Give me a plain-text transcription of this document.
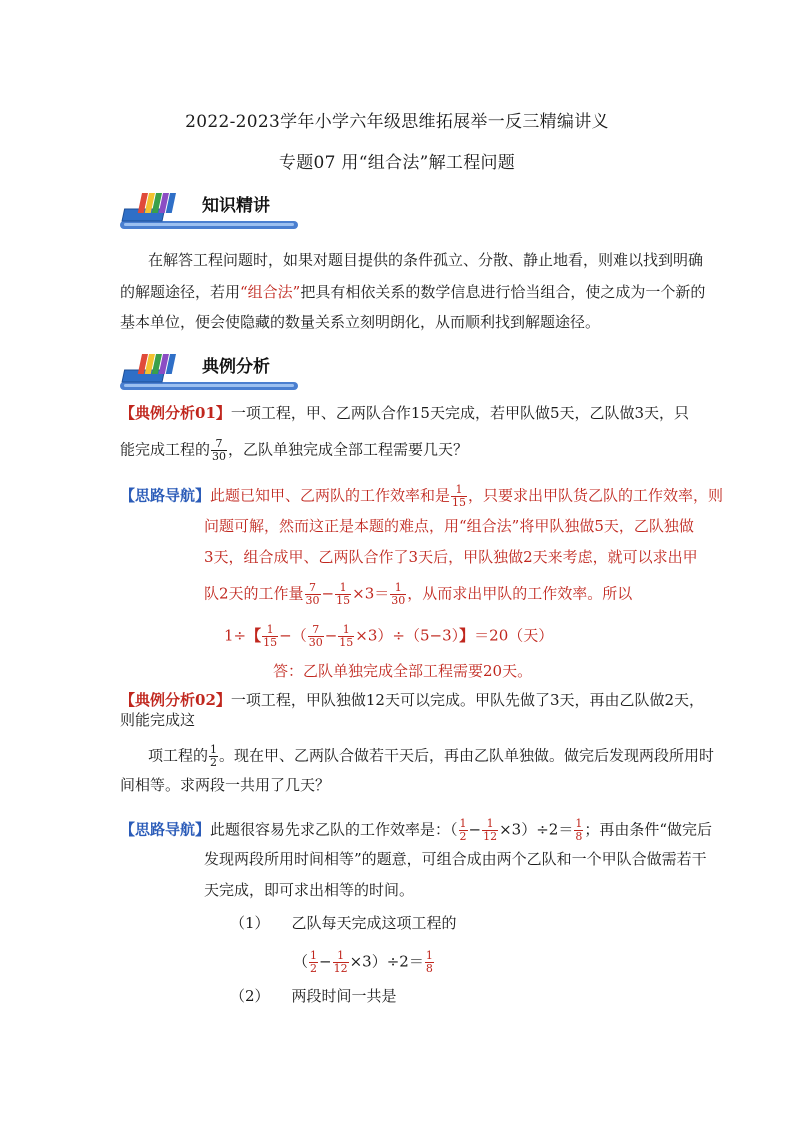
2022-2023学年小学六年级思维拓展举一反三精编讲义
专题07 用“组合法”解工程问题
知识精讲
在解答工程问题时，如果对题目提供的条件孤立、分散、静止地看，则难以找到明确
的解题途径，若用“组合法”把具有相依关系的数学信息进行恰当组合，使之成为一个新的
基本单位，便会使隐藏的数量关系立刻明朗化，从而顺利找到解题途径。
典例分析
【典例分析01】一项工程，甲、乙两队合作15天完成，若甲队做5天，乙队做3天，只
能完成工程的 $\frac{7}{30}$ ，乙队单独完成全部工程需要几天？
【思路导航】此题已知甲、乙两队的工作效率和是 $\frac{1}{15}$ ，只要求出甲队货乙队的工作效率，则
问题可解，然而这正是本题的难点，用“组合法”将甲队独做5天，乙队独做
3天，组合成甲、乙两队合作了3天后，甲队独做2天来考虑，就可以求出甲
队2天的工作量 $\frac{7}{30} - \frac{1}{15} \times 3= \frac{1}{30}$ ，从而求出甲队的工作效率。所以
1÷【 $\frac{1}{15}$ −（ $\frac{7}{30} - \frac{1}{15} \times 3)\div(5-3)$】＝20（天）
答：乙队单独完成全部工程需要20天。
【典例分析02】一项工程，甲队独做12天可以完成。甲队先做了3天，再由乙队做2天，
则能完成这
项工程的 $\frac{1}{2}$ 。现在甲、乙两队合做若干天后，再由乙队单独做。做完后发现两段所用时
间相等。求两段一共用了几天？
【思路导航】此题很容易先求乙队的工作效率是：（ $\frac{1}{2} - \frac{1}{12} \times 3)\div 2= \frac{1}{8}$ ；再由条件“做完后
发现两段所用时间相等”的题意，可组合成由两个乙队和一个甲队合做需若干
天完成，即可求出相等的时间。
（1） 乙队每天完成这项工程的
（ $\frac{1}{2} - \frac{1}{12} \times 3)\div 2= \frac{1}{8}$
（2） 两段时间一共是
